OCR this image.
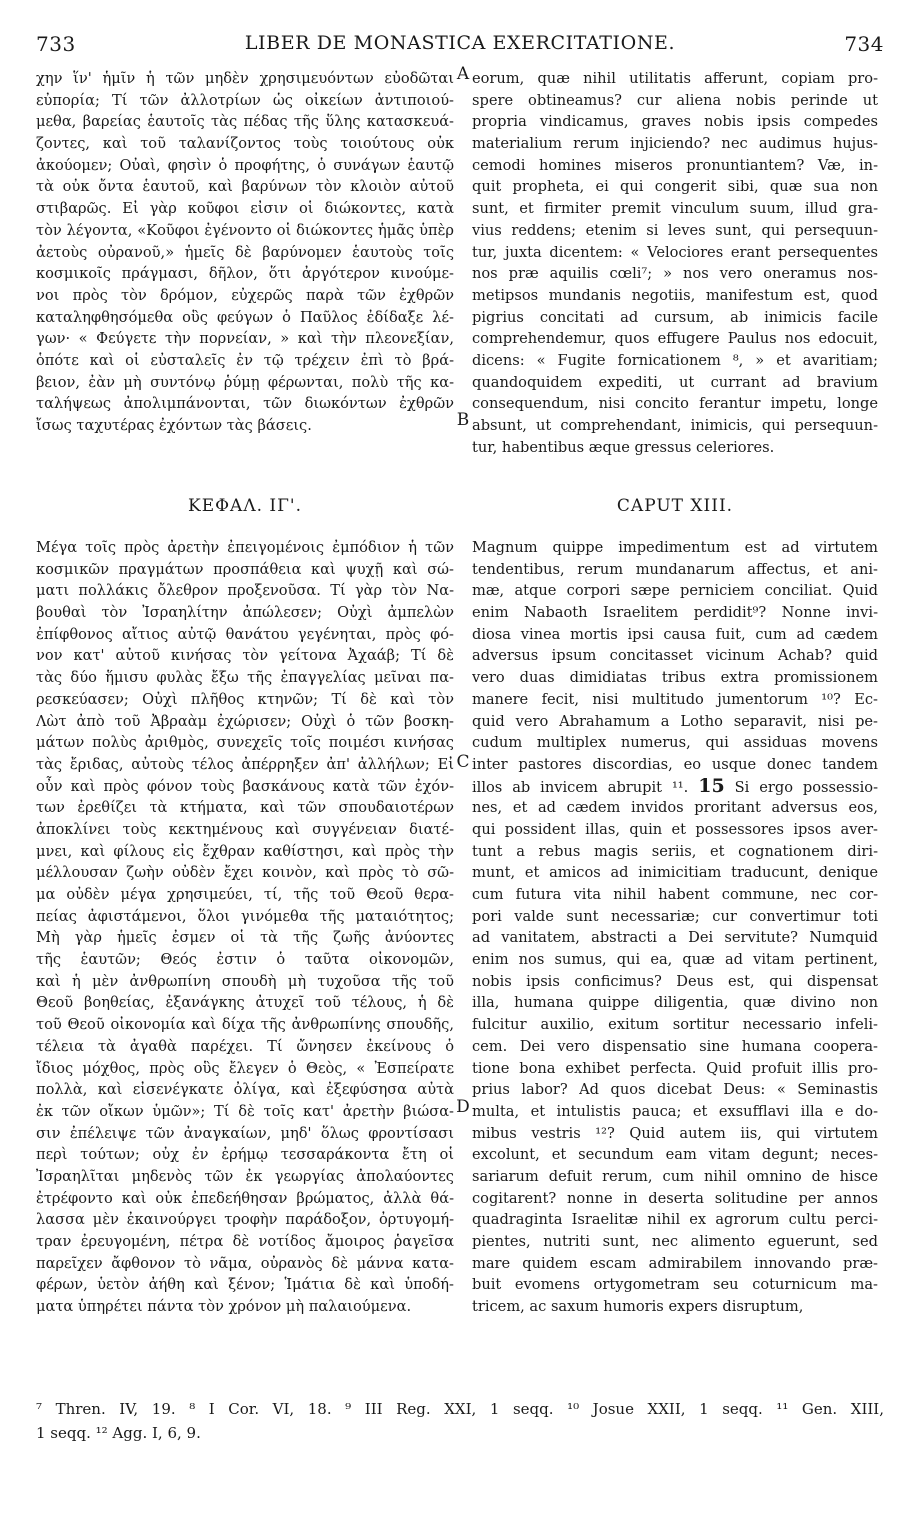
733	LIBER DE MONASTICA EXERCITATIONE.	734
A
B
C
D
χην ἵν' ἡμῖν ἡ τῶν μηδὲν χρησιμευόντων εὐοδῶται
εὐπορία; Τί τῶν ἀλλοτρίων ὡς οἰκείων ἀντιποιού-
μεθα, βαρείας ἑαυτοῖς τὰς πέδας τῆς ὕλης κατασκευά-
ζοντες, καὶ τοῦ ταλανίζοντος τοὺς τοιούτους οὐκ
ἀκούομεν; Οὐαὶ, φησὶν ὁ προφήτης, ὁ συνάγων ἑαυτῷ
τὰ οὐκ ὄντα ἑαυτοῦ, καὶ βαρύνων τὸν κλοιὸν αὐτοῦ
στιβαρῶς. Εἰ γὰρ κοῦφοι εἰσιν οἱ διώκοντες, κατὰ
τὸν λέγοντα, «Κοῦφοι ἐγένοντο οἱ διώκοντες ἡμᾶς ὑπὲρ
ἀετοὺς οὐρανοῦ,» ἡμεῖς δὲ βαρύνομεν ἑαυτοὺς τοῖς
κοσμικοῖς πράγμασι, δῆλον, ὅτι ἀργότερον κινούμε-
νοι πρὸς τὸν δρόμον, εὐχερῶς παρὰ τῶν ἐχθρῶν
καταληφθησόμεθα οὓς φεύγων ὁ Παῦλος ἐδίδαξε λέ-
γων· « Φεύγετε τὴν πορνείαν, » καὶ τὴν πλεονεξίαν,
ὁπότε καὶ οἱ εὐσταλεῖς ἐν τῷ τρέχειν ἐπὶ τὸ βρά-
βειον, ἐὰν μὴ συντόνῳ ῥύμῃ φέρωνται, πολὺ τῆς κα-
ταλήψεως ἀπολιμπάνονται, τῶν διωκόντων ἐχθρῶν
ἴσως ταχυτέρας ἐχόντων τὰς βάσεις.
eorum, quæ nihil utilitatis afferunt, copiam pro-
spere obtineamus? cur aliena nobis perinde ut
propria vindicamus, graves nobis ipsis compedes
materialium rerum injiciendo? nec audimus hujus-
cemodi homines miseros pronuntiantem? Væ, in-
quit propheta, ei qui congerit sibi, quæ sua non
sunt, et firmiter premit vinculum suum, illud gra-
vius reddens; etenim si leves sunt, qui persequun-
tur, juxta dicentem: « Velociores erant persequentes
nos præ aquilis cœli⁷; » nos vero oneramus nos-
metipsos mundanis negotiis, manifestum est, quod
pigrius concitati ad cursum, ab inimicis facile
comprehendemur, quos effugere Paulus nos edocuit,
dicens: « Fugite fornicationem ⁸, » et avaritiam;
quandoquidem expediti, ut currant ad bravium
consequendum, nisi concito ferantur impetu, longe
absunt, ut comprehendant, inimicis, qui persequun-
tur, habentibus æque gressus celeriores.
ΚΕΦΑΛ. ΙΓ'.	CAPUT XIII.
Μέγα τοῖς πρὸς ἀρετὴν ἐπειγομένοις ἐμπόδιον ἡ τῶν
κοσμικῶν πραγμάτων προσπάθεια καὶ ψυχῇ καὶ σώ-
ματι πολλάκις ὄλεθρον προξενοῦσα. Τί γὰρ τὸν Να-
βουθαὶ τὸν Ἰσραηλίτην ἀπώλεσεν; Οὐχὶ ἀμπελὼν
ἐπίφθονος αἴτιος αὐτῷ θανάτου γεγένηται, πρὸς φό-
νον κατ' αὐτοῦ κινήσας τὸν γείτονα Ἀχαάβ; Τί δὲ
τὰς δύο ἥμισυ φυλὰς ἔξω τῆς ἐπαγγελίας μεῖναι πα-
ρεσκεύασεν; Οὐχὶ πλῆθος κτηνῶν; Τί δὲ καὶ τὸν
Λὼτ ἀπὸ τοῦ Ἀβραὰμ ἐχώρισεν; Οὐχὶ ὁ τῶν βοσκη-
μάτων πολὺς ἀριθμὸς, συνεχεῖς τοῖς ποιμέσι κινήσας
τὰς ἔριδας, αὐτοὺς τέλος ἀπέρρηξεν ἀπ' ἀλλήλων; Εἰ
οὖν καὶ πρὸς φόνον τοὺς βασκάνους κατὰ τῶν ἐχόν-
των ἐρεθίζει τὰ κτήματα, καὶ τῶν σπουδαιοτέρων
ἀποκλίνει τοὺς κεκτημένους καὶ συγγένειαν διατέ-
μνει, καὶ φίλους εἰς ἔχθραν καθίστησι, καὶ πρὸς τὴν
μέλλουσαν ζωὴν οὐδὲν ἔχει κοινὸν, καὶ πρὸς τὸ σῶ-
μα οὐδὲν μέγα χρησιμεύει, τί, τῆς τοῦ Θεοῦ θερα-
πείας ἀφιστάμενοι, ὅλοι γινόμεθα τῆς ματαιότητος;
Μὴ γὰρ ἡμεῖς ἐσμεν οἱ τὰ τῆς ζωῆς ἀνύοντες
τῆς ἑαυτῶν; Θεός ἐστιν ὁ ταῦτα οἰκονομῶν,
καὶ ἡ μὲν ἀνθρωπίνη σπουδὴ μὴ τυχοῦσα τῆς τοῦ
Θεοῦ βοηθείας, ἐξανάγκης ἀτυχεῖ τοῦ τέλους, ἡ δὲ
τοῦ Θεοῦ οἰκονομία καὶ δίχα τῆς ἀνθρωπίνης σπουδῆς,
τέλεια τὰ ἀγαθὰ παρέχει. Τί ὤνησεν ἐκείνους ὁ
ἴδιος μόχθος, πρὸς οὓς ἔλεγεν ὁ Θεὸς, « Ἐσπείρατε
πολλὰ, καὶ εἰσενέγκατε ὀλίγα, καὶ ἐξεφύσησα αὐτὰ
ἐκ τῶν οἴκων ὑμῶν»; Τί δὲ τοῖς κατ' ἀρετὴν βιώσα-
σιν ἐπέλειψε τῶν ἀναγκαίων, μηδ' ὅλως φροντίσασι
περὶ τούτων; οὐχ ἐν ἐρήμῳ τεσσαράκοντα ἔτη οἱ
Ἰσραηλῖται μηδενὸς τῶν ἐκ γεωργίας ἀπολαύοντες
ἐτρέφοντο καὶ οὐκ ἐπεδεήθησαν βρώματος, ἀλλὰ θά-
λασσα μὲν ἐκαινούργει τροφὴν παράδοξον, ὀρτυγομή-
τραν ἐρευγομένη, πέτρα δὲ νοτίδος ἄμοιρος ῥαγεῖσα
παρεῖχεν ἄφθονον τὸ νᾶμα, οὐρανὸς δὲ μάννα κατα-
φέρων, ὑετὸν ἀήθη καὶ ξένον; Ἱμάτια δὲ καὶ ὑποδή-
ματα ὑπηρέτει πάντα τὸν χρόνον μὴ παλαιούμενα.
Magnum quippe impedimentum est ad virtutem
tendentibus, rerum mundanarum affectus, et ani-
mæ, atque corpori sæpe perniciem conciliat. Quid
enim Nabaoth Israelitem perdidit⁹? Nonne invi-
diosa vinea mortis ipsi causa fuit, cum ad cædem
adversus ipsum concitasset vicinum Achab? quid
vero duas dimidiatas tribus extra promissionem
manere fecit, nisi multitudo jumentorum ¹⁰? Ec-
quid vero Abrahamum a Lotho separavit, nisi pe-
cudum multiplex numerus, qui assiduas movens
inter pastores discordias, eo usque donec tandem
illos ab invicem abrupit ¹¹. 15 Si ergo possessio-
nes, et ad cædem invidos proritant adversus eos,
qui possident illas, quin et possessores ipsos aver-
tunt a rebus magis seriis, et cognationem diri-
munt, et amicos ad inimicitiam traducunt, denique
cum futura vita nihil habent commune, nec cor-
pori valde sunt necessariæ; cur convertimur toti
ad vanitatem, abstracti a Dei servitute? Numquid
enim nos sumus, qui ea, quæ ad vitam pertinent,
nobis ipsis conficimus? Deus est, qui dispensat
illa, humana quippe diligentia, quæ divino non
fulcitur auxilio, exitum sortitur necessario infeli-
cem. Dei vero dispensatio sine humana coopera-
tione bona exhibet perfecta. Quid profuit illis pro-
prius labor? Ad quos dicebat Deus: « Seminastis
multa, et intulistis pauca; et exsufflavi illa e do-
mibus vestris ¹²? Quid autem iis, qui virtutem
excolunt, et secundum eam vitam degunt; neces-
sariarum defuit rerum, cum nihil omnino de hisce
cogitarent? nonne in deserta solitudine per annos
quadraginta Israelitæ nihil ex agrorum cultu perci-
pientes, nutriti sunt, nec alimento eguerunt, sed
mare quidem escam admirabilem innovando præ-
buit evomens ortygometram seu coturnicum ma-
tricem, ac saxum humoris expers disruptum,
⁷ Thren. IV, 19. ⁸ I Cor. VI, 18. ⁹ III Reg. XXI, 1 seqq. ¹⁰ Josue XXII, 1 seqq. ¹¹ Gen. XIII,
1 seqq. ¹² Agg. I, 6, 9.
